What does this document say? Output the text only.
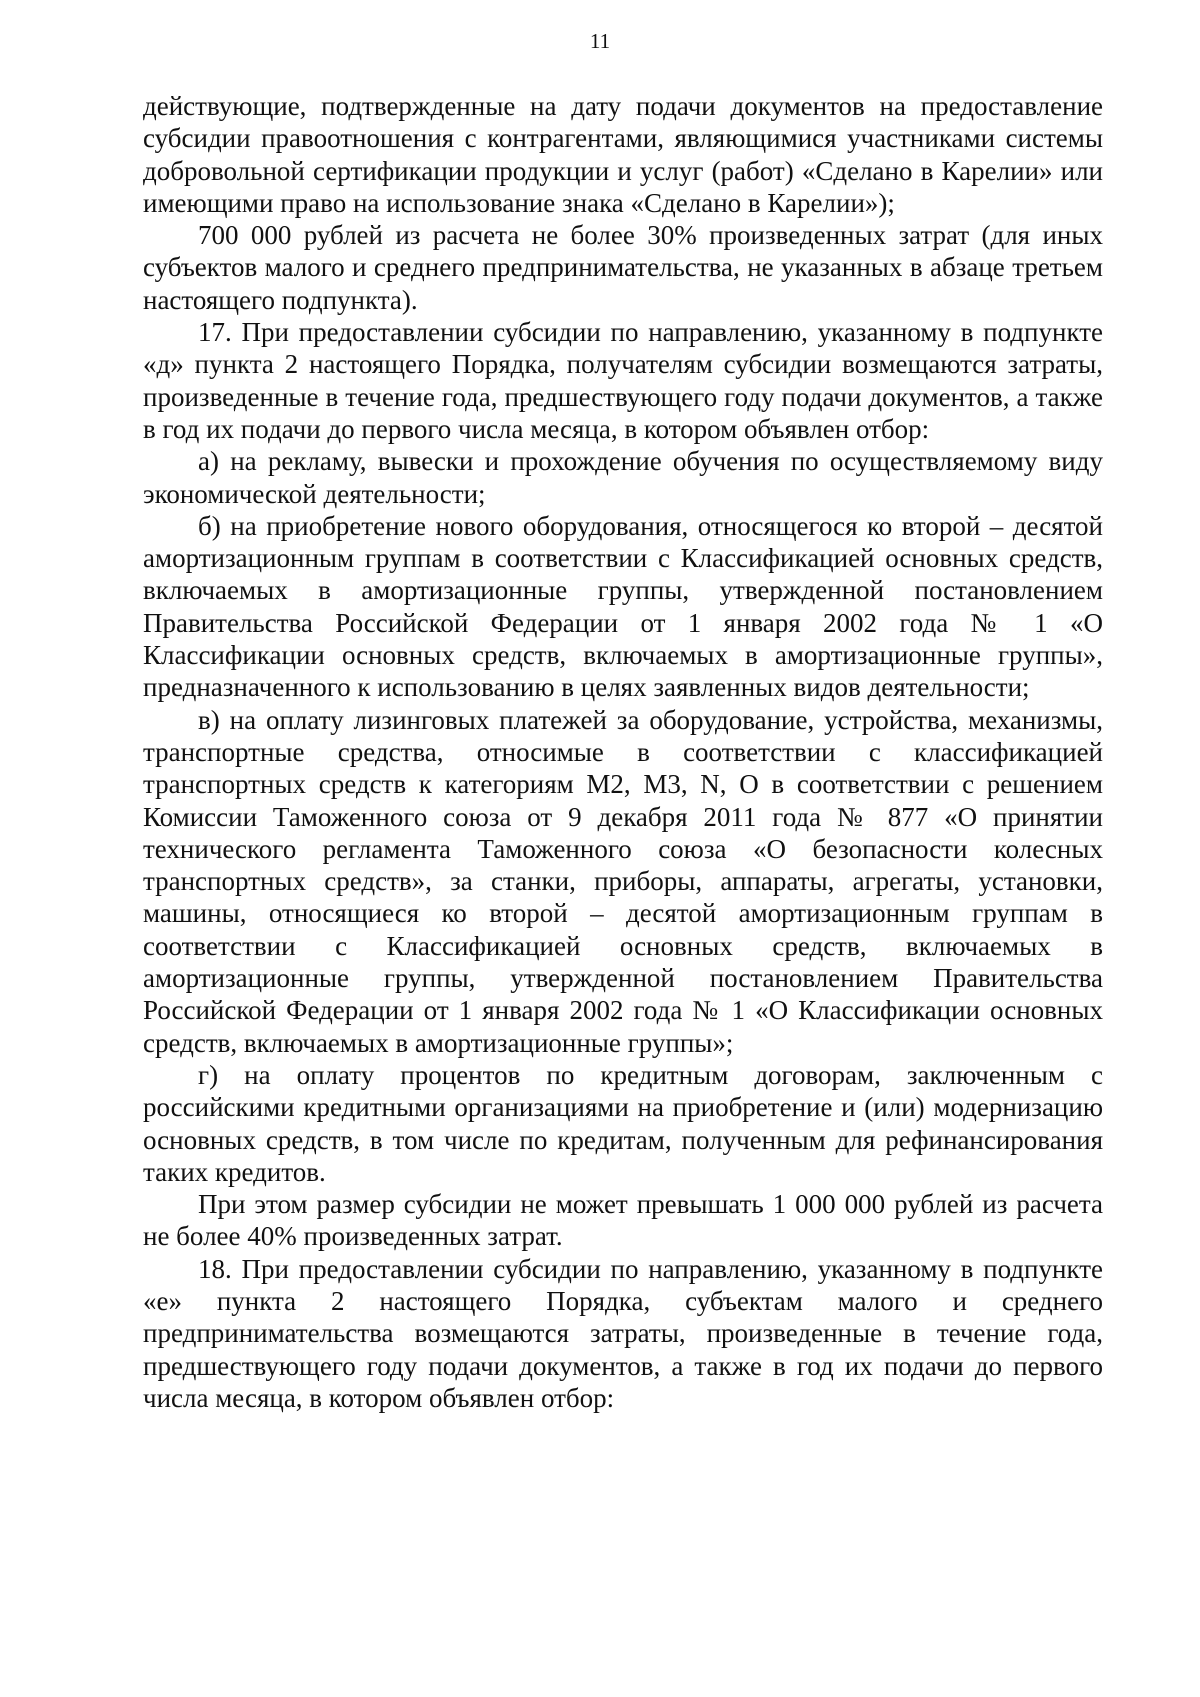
11

действующие, подтвержденные на дату подачи документов на предоставление субсидии правоотношения с контрагентами, являющимися участниками системы добровольной сертификации продукции и услуг (работ) «Сделано в Карелии» или имеющими право на использование знака «Сделано в Карелии»);

700 000 рублей из расчета не более 30% произведенных затрат (для иных субъектов малого и среднего предпринимательства, не указанных в абзаце третьем настоящего подпункта).

17. При предоставлении субсидии по направлению, указанному в подпункте «д» пункта 2 настоящего Порядка, получателям субсидии возмещаются затраты, произведенные в течение года, предшествующего году подачи документов, а также в год их подачи до первого числа месяца, в котором объявлен отбор:

а) на рекламу, вывески и прохождение обучения по осуществляемому виду экономической деятельности;

б) на приобретение нового оборудования, относящегося ко второй – десятой амортизационным группам в соответствии с Классификацией основных средств, включаемых в амортизационные группы, утвержденной постановлением Правительства Российской Федерации от 1 января 2002 года № 1 «О Классификации основных средств, включаемых в амортизационные группы», предназначенного к использованию в целях заявленных видов деятельности;

в) на оплату лизинговых платежей за оборудование, устройства, механизмы, транспортные средства, относимые в соответствии с классификацией транспортных средств к категориям M2, M3, N, O в соответствии с решением Комиссии Таможенного союза от 9 декабря 2011 года № 877 «О принятии технического регламента Таможенного союза «О безопасности колесных транспортных средств», за станки, приборы, аппараты, агрегаты, установки, машины, относящиеся ко второй – десятой амортизационным группам в соответствии с Классификацией основных средств, включаемых в амортизационные группы, утвержденной постановлением Правительства Российской Федерации от 1 января 2002 года № 1 «О Классификации основных средств, включаемых в амортизационные группы»;

г) на оплату процентов по кредитным договорам, заключенным с российскими кредитными организациями на приобретение и (или) модернизацию основных средств, в том числе по кредитам, полученным для рефинансирования таких кредитов.

При этом размер субсидии не может превышать 1 000 000 рублей из расчета не более 40% произведенных затрат.

18. При предоставлении субсидии по направлению, указанному в подпункте «е» пункта 2 настоящего Порядка, субъектам малого и среднего предпринимательства возмещаются затраты, произведенные в течение года, предшествующего году подачи документов, а также в год их подачи до первого числа месяца, в котором объявлен отбор:
